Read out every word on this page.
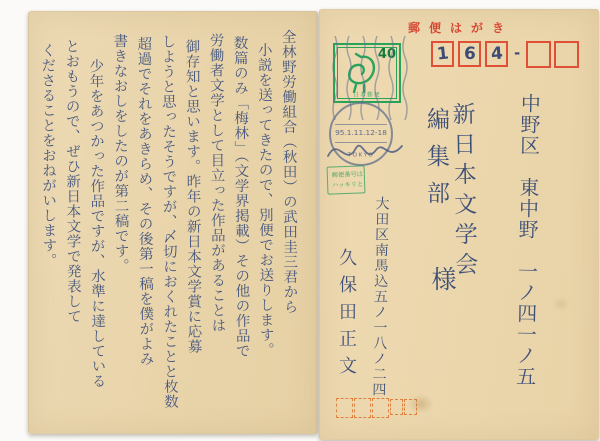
全林野労働組合（秋田）の武田圭三君から

小説を送ってきたので、別便でお送りします。

数篇のみ「梅林」（文学界掲載）その他の作品で

労働者文学として目立った作品があることは

御存知と思います。昨年の新日本文学賞に応募

しようと思ったそうですが、〆切におくれたことと枚数

超過でそれをあきらめ、その後第一稿を僕がよみ

書きなおしをしたのが第二稿です。

少年をあつかった作品ですが、水準に達している

とおもうので、ぜひ新日本文学で発表して

くださることをおねがいします。

郵便はがき
1 6 4 -
40
日本郵便
95.1.11.12-18
TOKYO
郵便番号は
ハッキリと	中野区　東中野　一ノ四一ノ五
新日本文学会
編集部
様
大田区南馬込五ノ一八ノ二四
久保田正文
